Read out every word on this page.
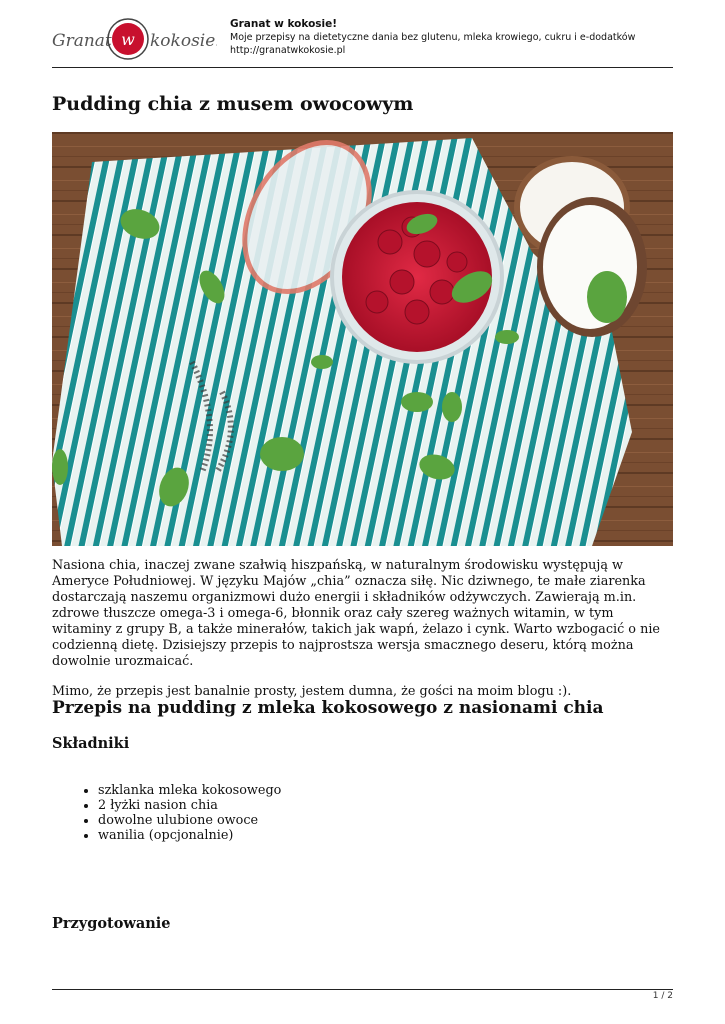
Granat w kokosie!
Granat w kokosie!
Moje przepisy na dietetyczne dania bez glutenu, mleka krowiego, cukru i e-dodatków
http://granatwkokosie.pl
Pudding chia z musem owocowym

Nasiona chia, inaczej zwane szałwią hiszpańską, w naturalnym środowisku występują w Ameryce Południowej. W języku Majów „chia” oznacza siłę. Nic dziwnego, te małe ziarenka dostarczają naszemu organizmowi dużo energii i składników odżywczych. Zawierają m.in. zdrowe tłuszcze omega-3 i omega-6, błonnik oraz cały szereg ważnych witamin, w tym witaminy z grupy B, a także minerałów, takich jak wapń, żelazo i cynk. Warto wzbogacić o nie codzienną dietę. Dzisiejszy przepis to najprostsza wersja smacznego deseru, którą można dowolnie urozmaicać.

Mimo, że przepis jest banalnie prosty, jestem dumna, że gości na moim blogu :).

Przepis na pudding z mleka kokosowego z nasionami chia
Składniki
• szklanka mleka kokosowego
• 2 łyżki nasion chia
• dowolne ulubione owoce
• wanilia (opcjonalnie)
Przygotowanie
1 / 2
